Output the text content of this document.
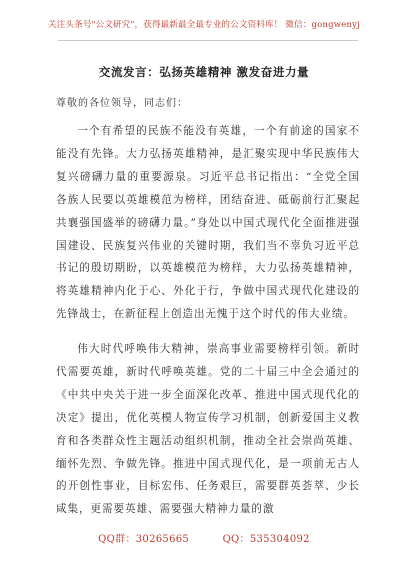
关注头条号"公文研究"，获得最新最全最专业的公文资料库！ 微信：gongwenyj
交流发言：弘扬英雄精神 激发奋进力量
尊敬的各位领导，同志们：

一个有希望的民族不能没有英雄，一个有前途的国家不能没有先锋。大力弘扬英雄精神，是汇聚实现中华民族伟大复兴磅礴力量的重要源泉。习近平总书记指出：“全党全国各族人民要以英雄模范为榜样，团结奋进、砥砺前行汇聚起共襄强国盛举的磅礴力量。”身处以中国式现代化全面推进强国建设、民族复兴伟业的关键时期，我们当不辜负习近平总书记的殷切期盼，以英雄模范为榜样，大力弘扬英雄精神，将英雄精神内化于心、外化于行，争做中国式现代化建设的先锋战士，在新征程上创造出无愧于这个时代的伟大业绩。

伟大时代呼唤伟大精神，崇高事业需要榜样引领。新时代需要英雄，新时代呼唤英雄。党的二十届三中全会通过的《中共中央关于进一步全面深化改革、推进中国式现代化的决定》提出，优化英模人物宣传学习机制，创新爱国主义教育和各类群众性主题活动组织机制，推动全社会崇尚英雄、缅怀先烈、争做先锋。推进中国式现代化，是一项前无古人的开创性事业，目标宏伟、任务艰巨，需要群英荟萃、少长咸集，更需要英雄、需要强大精神力量的激

QQ群：30265665	QQ：535304092
